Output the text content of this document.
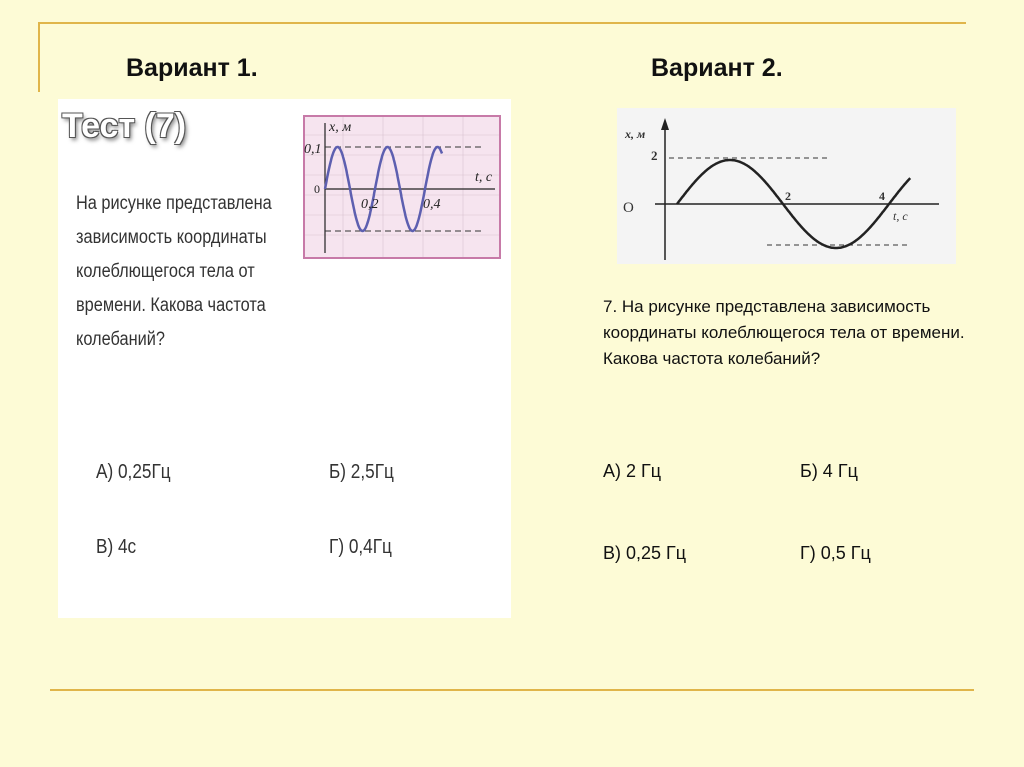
Вариант 1.	Вариант 2.
Тест (7)
На рисунке представлена зависимость координаты колеблющегося тела от времени. Какова частота колебаний?
А) 0,25Гц	Б) 2,5Гц
В) 4с	Г) 0,4Гц
x, м
0,1
0
0,2	0,4
t, c
x, м
2
O
2	4
t, c
7. На рисунке представлена зависимость координаты колеблющегося тела от времени. Какова частота колебаний?
А) 2 Гц	Б) 4 Гц
В) 0,25 Гц	Г) 0,5 Гц
